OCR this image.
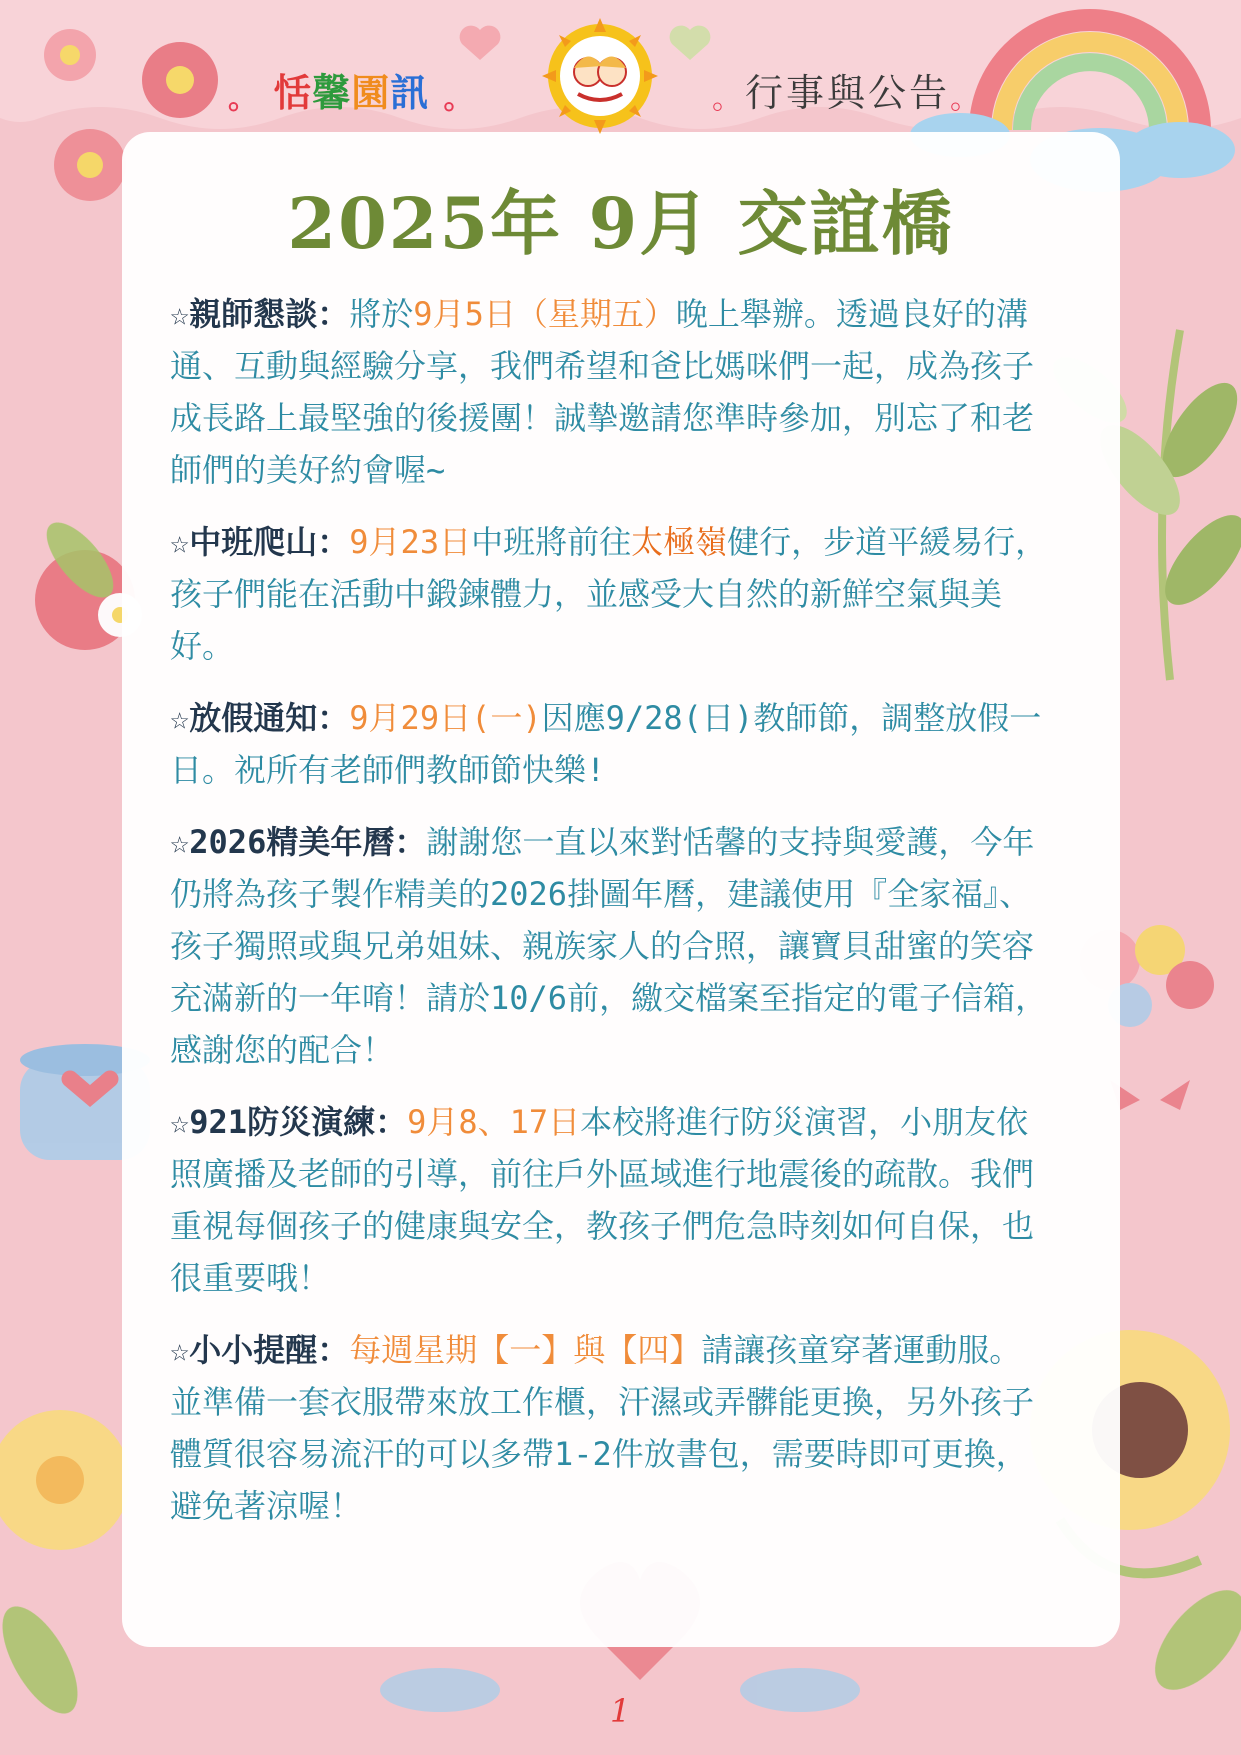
。 恬馨園訊 。	。行事與公告。
2025年 9月 交誼橋
☆親師懇談：將於9月5日（星期五）晚上舉辦。透過良好的溝通、互動與經驗分享，我們希望和爸比媽咪們一起，成為孩子成長路上最堅強的後援團！誠摯邀請您準時參加，別忘了和老師們的美好約會喔~
☆中班爬山：9月23日中班將前往太極嶺健行，步道平緩易行，孩子們能在活動中鍛鍊體力，並感受大自然的新鮮空氣與美好。
☆放假通知：9月29日(一)因應9/28(日)教師節，調整放假一日。祝所有老師們教師節快樂!
☆2026精美年曆：謝謝您一直以來對恬馨的支持與愛護，今年仍將為孩子製作精美的2026掛圖年曆，建議使用『全家福』、孩子獨照或與兄弟姐妹、親族家人的合照，讓寶貝甜蜜的笑容充滿新的一年唷！請於10/6前，繳交檔案至指定的電子信箱，感謝您的配合！
☆921防災演練：9月8、17日本校將進行防災演習，小朋友依照廣播及老師的引導，前往戶外區域進行地震後的疏散。我們重視每個孩子的健康與安全，教孩子們危急時刻如何自保，也很重要哦！
☆小小提醒：每週星期【一】與【四】請讓孩童穿著運動服。並準備一套衣服帶來放工作櫃，汗濕或弄髒能更換，另外孩子體質很容易流汗的可以多帶1-2件放書包，需要時即可更換，避免著涼喔！
1
